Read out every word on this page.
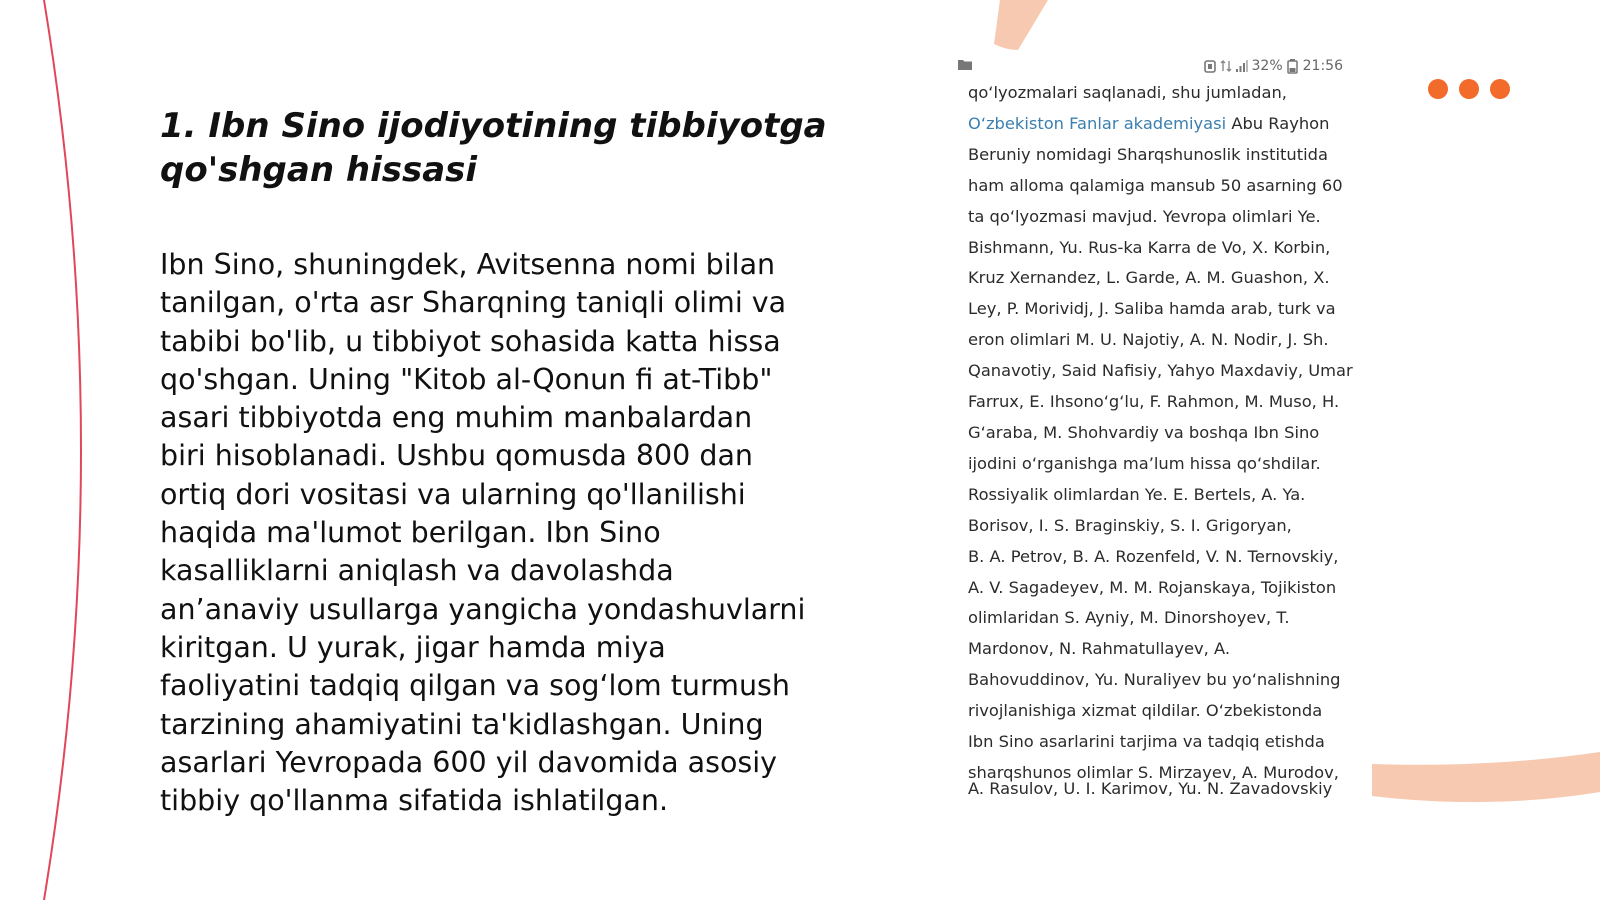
1. Ibn Sino ijodiyotining tibbiyotga
qo'shgan hissasi
Ibn Sino, shuningdek, Avitsenna nomi bilan
tanilgan, o'rta asr Sharqning taniqli olimi va
tabibi bo'lib, u tibbiyot sohasida katta hissa
qo'shgan. Uning "Kitob al-Qonun fi at-Tibb"
asari tibbiyotda eng muhim manbalardan
biri hisoblanadi. Ushbu qomusda 800 dan
ortiq dori vositasi va ularning qo'llanilishi
haqida ma'lumot berilgan. Ibn Sino
kasalliklarni aniqlash va davolashda
an’anaviy usullarga yangicha yondashuvlarni
kiritgan. U yurak, jigar hamda miya
faoliyatini tadqiq qilgan va sog‘lom turmush
tarzining ahamiyatini ta'kidlashgan. Uning
asarlari Yevropada 600 yil davomida asosiy
tibbiy qo'llanma sifatida ishlatilgan.
32% 21:56
qo‘lyozmalari saqlanadi, shu jumladan,
O‘zbekiston Fanlar akademiyasi Abu Rayhon
Beruniy nomidagi Sharqshunoslik institutida
ham alloma qalamiga mansub 50 asarning 60
ta qo‘lyozmasi mavjud. Yevropa olimlari Ye.
Bishmann, Yu. Rus-ka Karra de Vo, X. Korbin,
Kruz Xernandez, L. Garde, A. M. Guashon, X.
Ley, P. Morividj, J. Saliba hamda arab, turk va
eron olimlari M. U. Najotiy, A. N. Nodir, J. Sh.
Qanavotiy, Said Nafisiy, Yahyo Maxdaviy, Umar
Farrux, E. Ihsono‘g‘lu, F. Rahmon, M. Muso, H.
G‘araba, M. Shohvardiy va boshqa Ibn Sino
ijodini o‘rganishga ma’lum hissa qo‘shdilar.
Rossiyalik olimlardan Ye. E. Bertels, A. Ya.
Borisov, I. S. Braginskiy, S. I. Grigoryan,
B. A. Petrov, B. A. Rozenfeld, V. N. Ternovskiy,
A. V. Sagadeyev, M. M. Rojanskaya, Tojikiston
olimlaridan S. Ayniy, M. Dinorshoyev, T.
Mardonov, N. Rahmatullayev, A.
Bahovuddinov, Yu. Nuraliyev bu yo‘nalishning
rivojlanishiga xizmat qildilar. O‘zbekistonda
Ibn Sino asarlarini tarjima va tadqiq etishda
sharqshunos olimlar S. Mirzayev, A. Murodov,
A. Rasulov, U. I. Karimov, Yu. N. Zavadovskiy
